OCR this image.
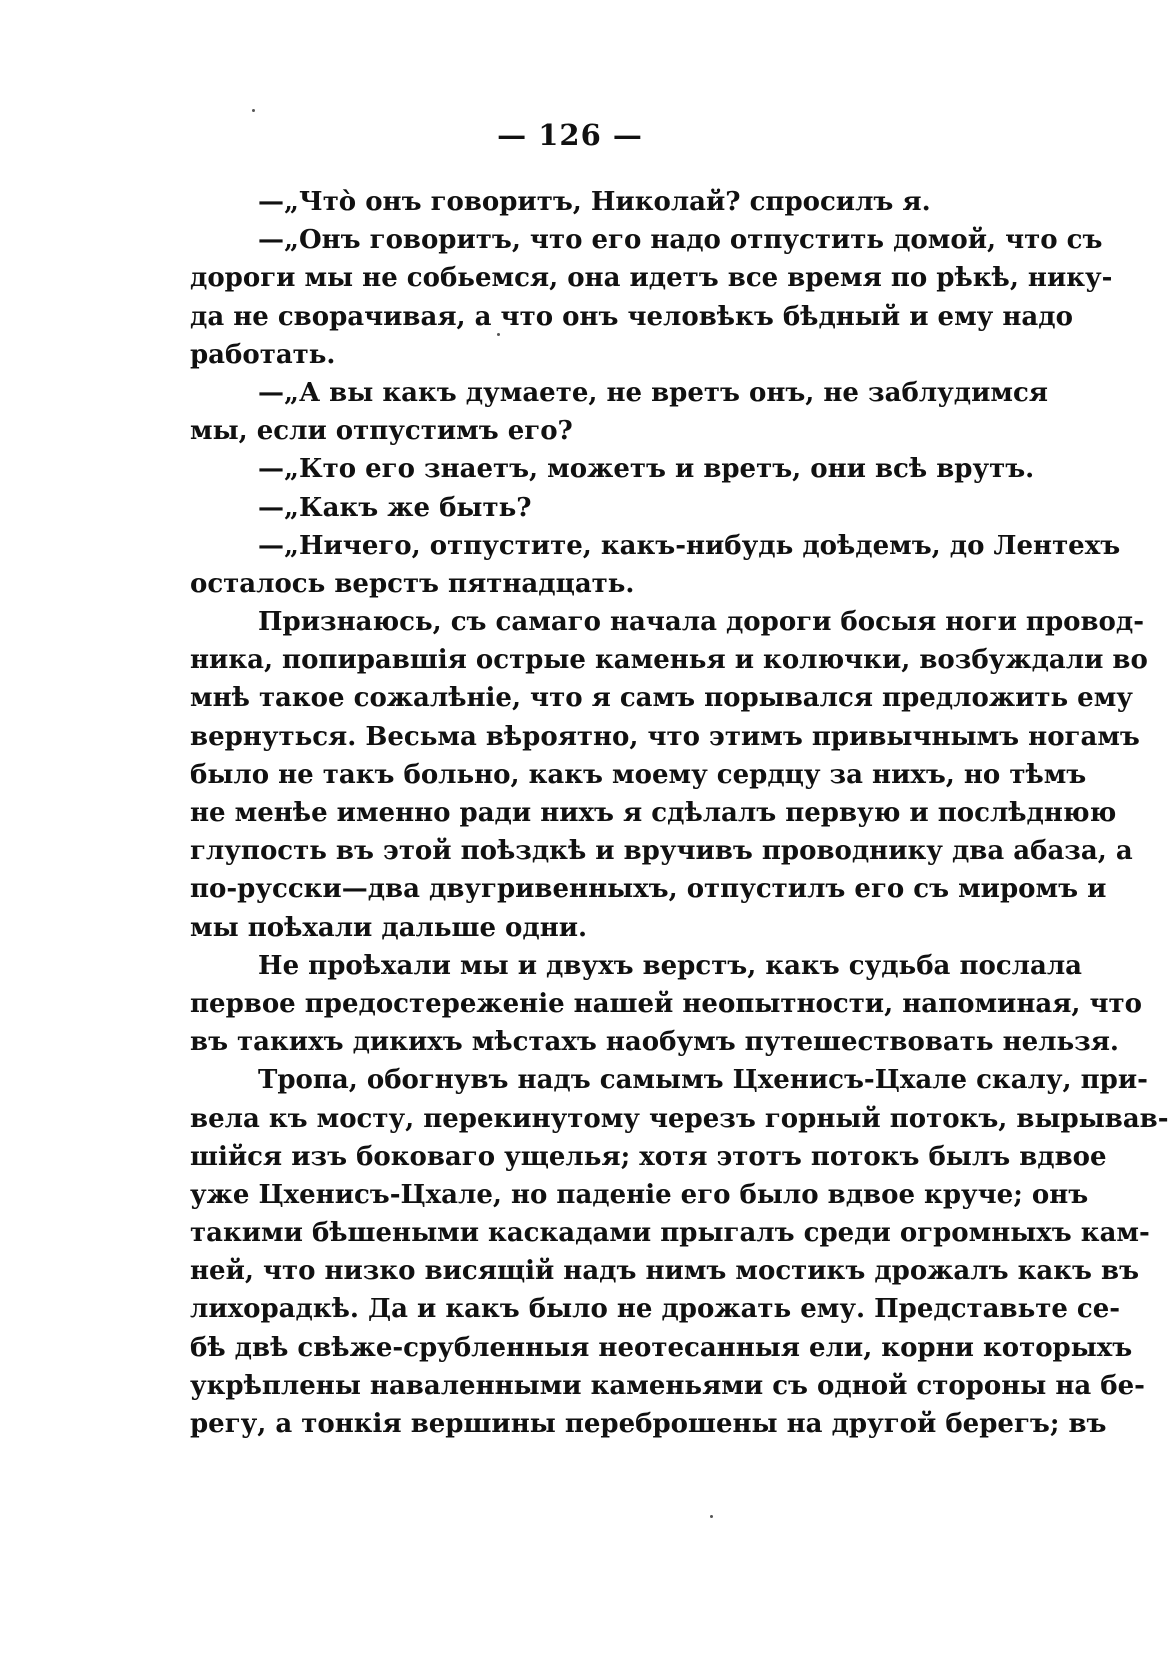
— 126 —
—„Чтò онъ говоритъ, Николай? спросилъ я.
—„Онъ говоритъ, что его надо отпустить домой, что съ
дороги мы не собьемся, она идетъ все время по рѣкѣ, нику-
да не сворачивая, а что онъ человѣкъ бѣдный и ему надо
работать.
—„А вы какъ думаете, не вретъ онъ, не заблудимся
мы, если отпустимъ его?
—„Кто его знаетъ, можетъ и вретъ, они всѣ врутъ.
—„Какъ же быть?
—„Ничего, отпустите, какъ-нибудь доѣдемъ, до Лентехъ
осталось верстъ пятнадцать.
Признаюсь, съ самаго начала дороги босыя ноги провод-
ника, попиравшія острые каменья и колючки, возбуждали во
мнѣ такое сожалѣніе, что я самъ порывался предложить ему
вернуться. Весьма вѣроятно, что этимъ привычнымъ ногамъ
было не такъ больно, какъ моему сердцу за нихъ, но тѣмъ
не менѣе именно ради нихъ я сдѣлалъ первую и послѣднюю
глупость въ этой поѣздкѣ и вручивъ проводнику два абаза, а
по-русски—два двугривенныхъ, отпустилъ его съ миромъ и
мы поѣхали дальше одни.
Не проѣхали мы и двухъ верстъ, какъ судьба послала
первое предостереженіе нашей неопытности, напоминая, что
въ такихъ дикихъ мѣстахъ наобумъ путешествовать нельзя.
Тропа, обогнувъ надъ самымъ Цхенисъ-Цхале скалу, при-
вела къ мосту, перекинутому черезъ горный потокъ, вырывав-
шійся изъ боковаго ущелья; хотя этотъ потокъ былъ вдвое
уже Цхенисъ-Цхале, но паденіе его было вдвое круче; онъ
такими бѣшеными каскадами прыгалъ среди огромныхъ кам-
ней, что низко висящій надъ нимъ мостикъ дрожалъ какъ въ
лихорадкѣ. Да и какъ было не дрожать ему. Представьте се-
бѣ двѣ свѣже-срубленныя неотесанныя ели, корни которыхъ
укрѣплены наваленными каменьями съ одной стороны на бе-
регу, а тонкія вершины переброшены на другой берегъ; въ
